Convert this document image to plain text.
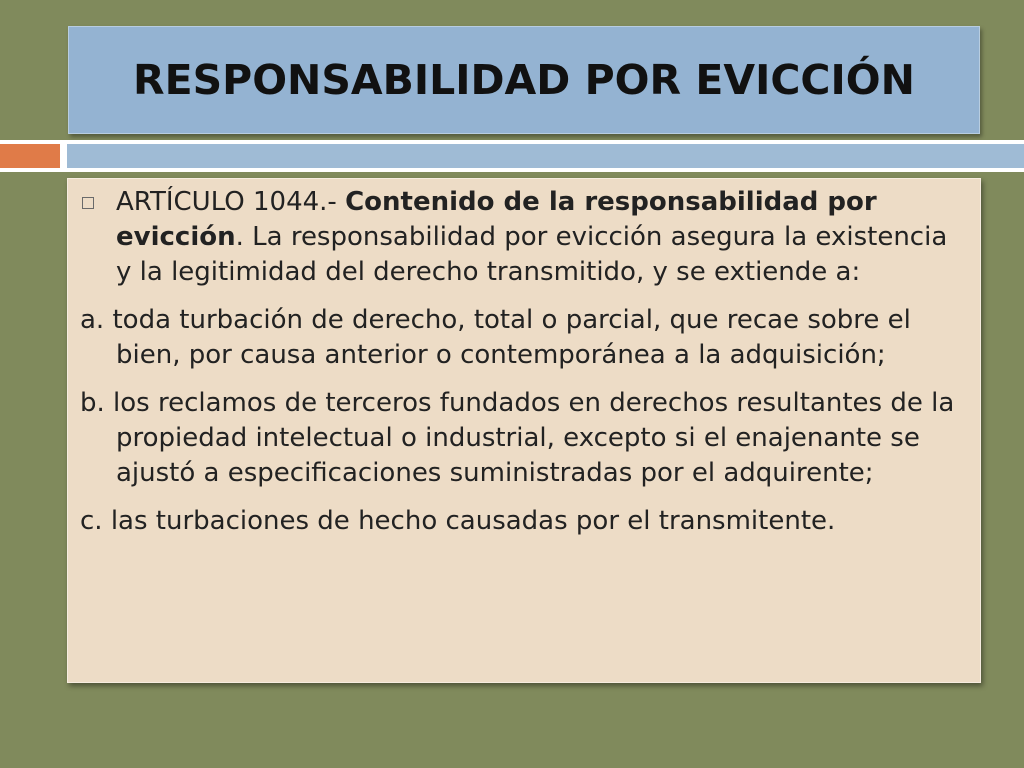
RESPONSABILIDAD POR EVICCIÓN

ARTÍCULO 1044.- Contenido de la responsabilidad por evicción. La responsabilidad por evicción asegura la existencia y la legitimidad del derecho transmitido, y se extiende a:

a. toda turbación de derecho, total o parcial, que recae sobre el bien, por causa anterior o contemporánea a la adquisición;

b. los reclamos de terceros fundados en derechos resultantes de la propiedad intelectual o industrial, excepto si el enajenante se ajustó a especificaciones suministradas por el adquirente;

c. las turbaciones de hecho causadas por el transmitente.
